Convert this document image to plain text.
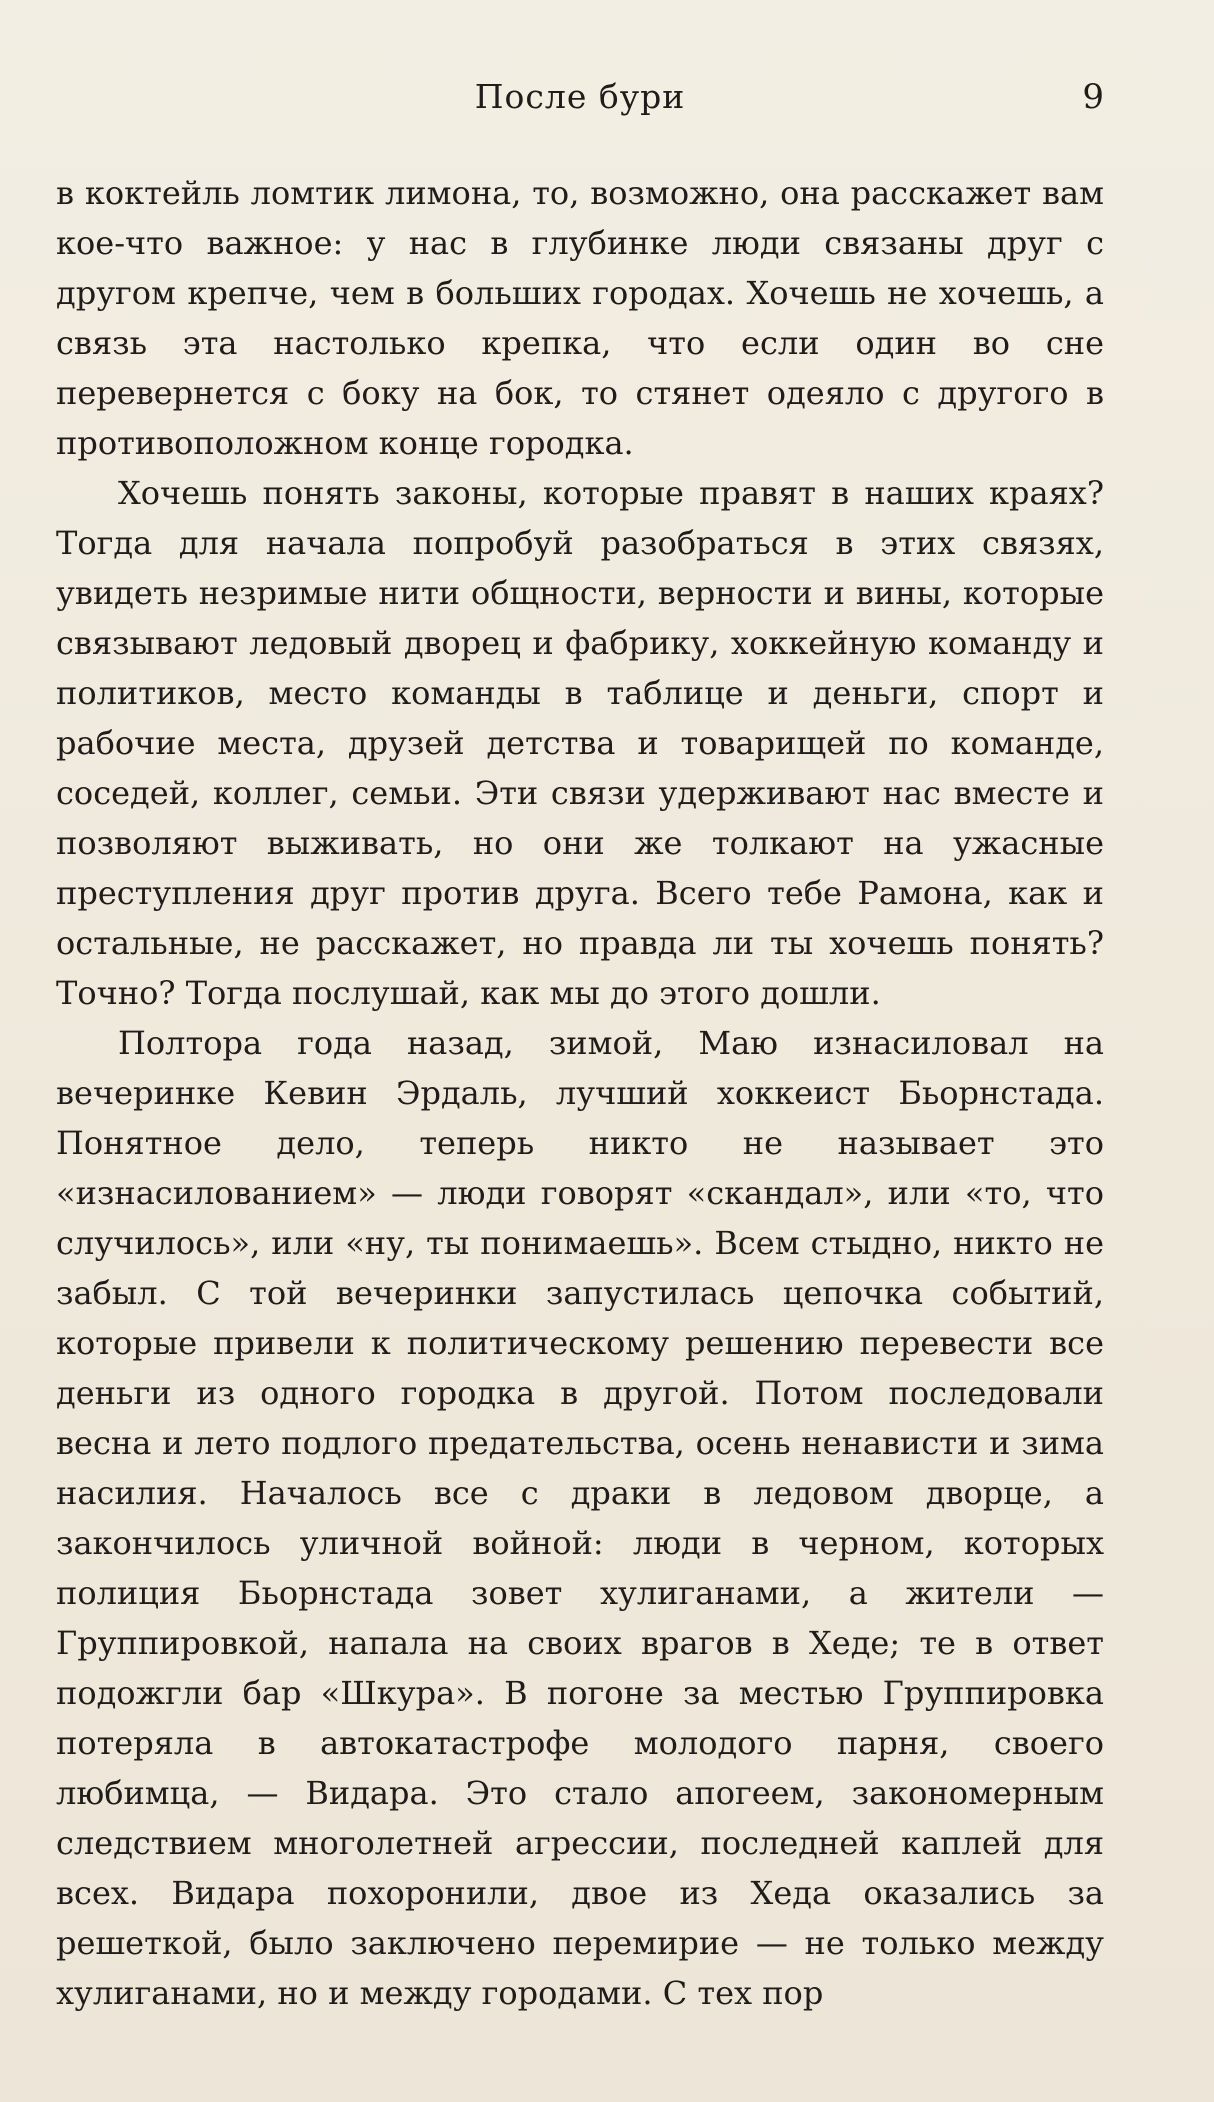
После бури	9

в коктейль ломтик лимона, то, возможно, она расскажет вам кое-что важное: у нас в глубинке люди связаны друг с другом крепче, чем в больших городах. Хочешь не хочешь, а связь эта настолько крепка, что если один во сне перевернется с боку на бок, то стянет одеяло с другого в противоположном конце городка.

Хочешь понять законы, которые правят в наших краях? Тогда для начала попробуй разобраться в этих связях, увидеть незримые нити общности, верности и вины, которые связывают ледовый дворец и фабрику, хоккейную команду и политиков, место команды в таблице и деньги, спорт и рабочие места, друзей детства и товарищей по команде, соседей, коллег, семьи. Эти связи удерживают нас вместе и позволяют выживать, но они же толкают на ужасные преступления друг против друга. Всего тебе Рамона, как и остальные, не расскажет, но правда ли ты хочешь понять? Точно? Тогда послушай, как мы до этого дошли.

Полтора года назад, зимой, Маю изнасиловал на вечеринке Кевин Эрдаль, лучший хоккеист Бьорнстада. Понятное дело, теперь никто не называет это «изнасилованием» — люди говорят «скандал», или «то, что случилось», или «ну, ты понимаешь». Всем стыдно, никто не забыл. С той вечеринки запустилась цепочка событий, которые привели к политическому решению перевести все деньги из одного городка в другой. Потом последовали весна и лето подлого предательства, осень ненависти и зима насилия. Началось все с драки в ледовом дворце, а закончилось уличной войной: люди в черном, которых полиция Бьорнстада зовет хулиганами, а жители — Группировкой, напала на своих врагов в Хеде; те в ответ подожгли бар «Шкура». В погоне за местью Группировка потеряла в автокатастрофе молодого парня, своего любимца, — Видара. Это стало апогеем, закономерным следствием многолетней агрессии, последней каплей для всех. Видара похоронили, двое из Хеда оказались за решеткой, было заключено перемирие — не только между хулиганами, но и между городами. С тех пор
